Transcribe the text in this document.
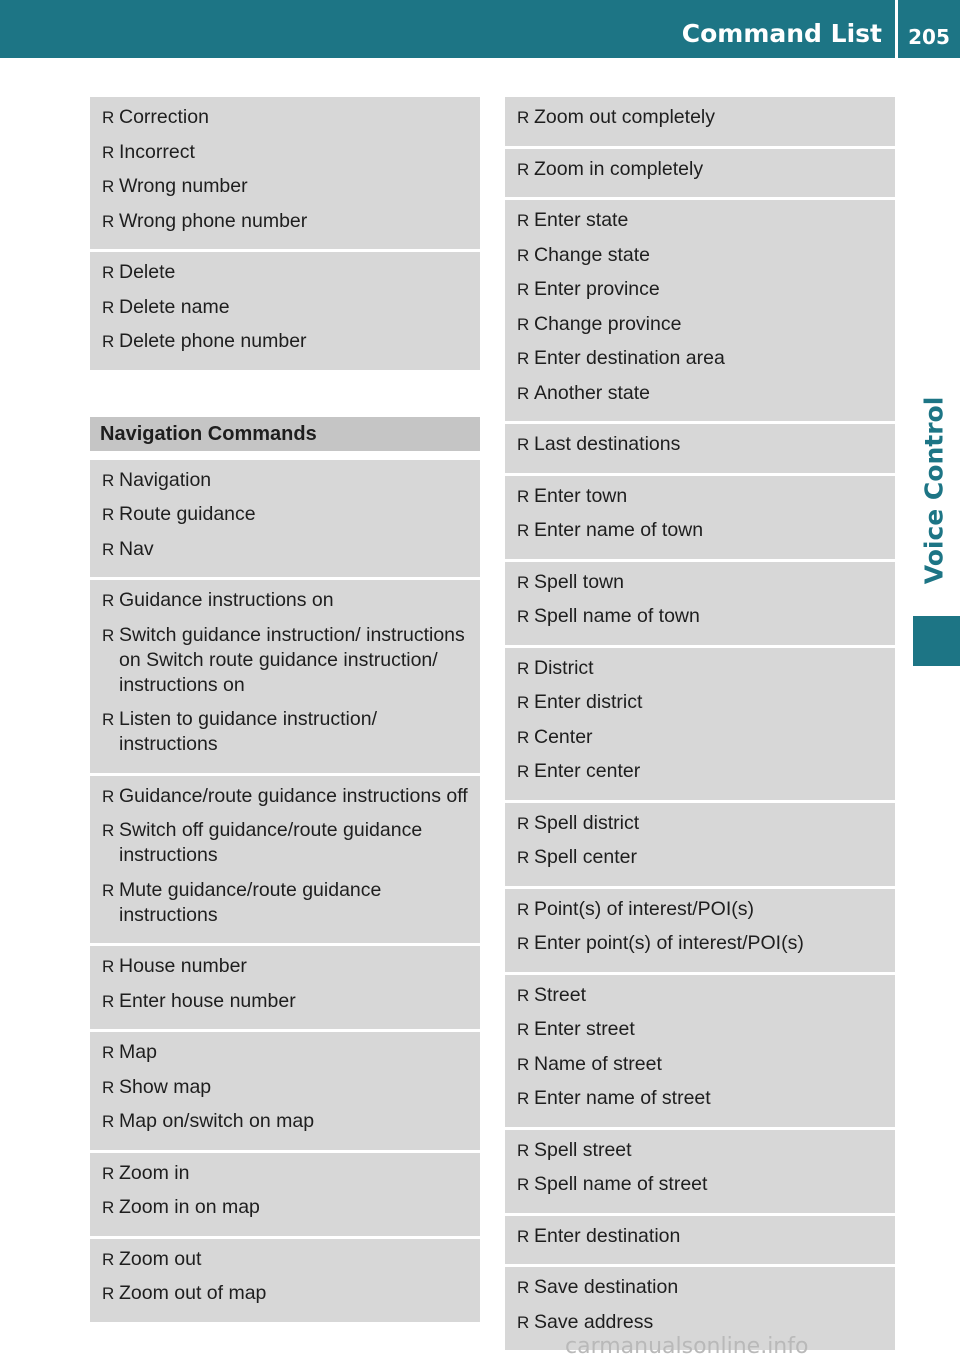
Command List	205
Voice Control
R Correction
R Incorrect
R Wrong number
R Wrong phone number
R Delete
R Delete name
R Delete phone number
Navigation Commands
R Navigation
R Route guidance
R Nav
R Guidance instructions on
R Switch guidance instruction/ instructions on Switch route guidance instruction/ instructions on
R Listen to guidance instruction/ instructions
R Guidance/route guidance instructions off
R Switch off guidance/route guidance instructions
R Mute guidance/route guidance instructions
R House number
R Enter house number
R Map
R Show map
R Map on/switch on map
R Zoom in
R Zoom in on map
R Zoom out
R Zoom out of map
R Zoom out completely
R Zoom in completely
R Enter state
R Change state
R Enter province
R Change province
R Enter destination area
R Another state
R Last destinations
R Enter town
R Enter name of town
R Spell town
R Spell name of town
R District
R Enter district
R Center
R Enter center
R Spell district
R Spell center
R Point(s) of interest/POI(s)
R Enter point(s) of interest/POI(s)
R Street
R Enter street
R Name of street
R Enter name of street
R Spell street
R Spell name of street
R Enter destination
R Save destination
R Save address
carmanualsonline.info
